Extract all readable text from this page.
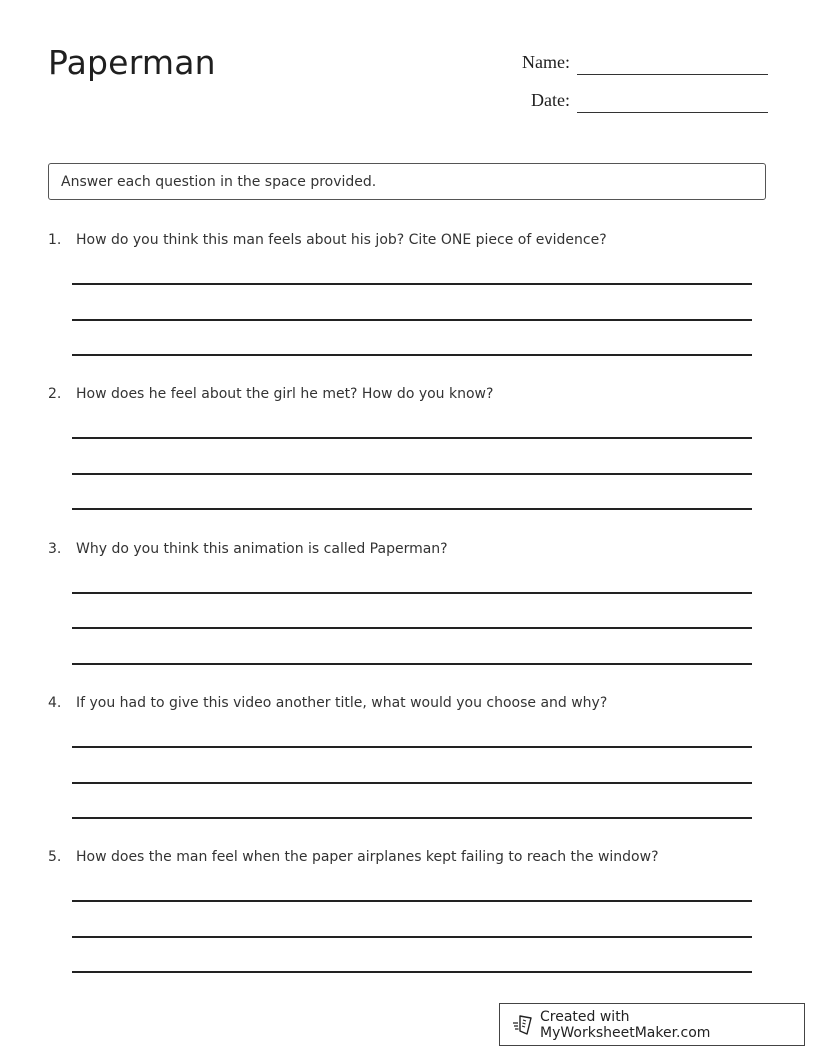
Paperman	Name:
Date:
Answer each question in the space provided.
1.	How do you think this man feels about his job? Cite ONE piece of evidence?
2.	How does he feel about the girl he met? How do you know?
3.	Why do you think this animation is called Paperman?
4.	If you had to give this video another title, what would you choose and why?
5.	How does the man feel when the paper airplanes kept failing to reach the window?
Created with MyWorksheetMaker.com
